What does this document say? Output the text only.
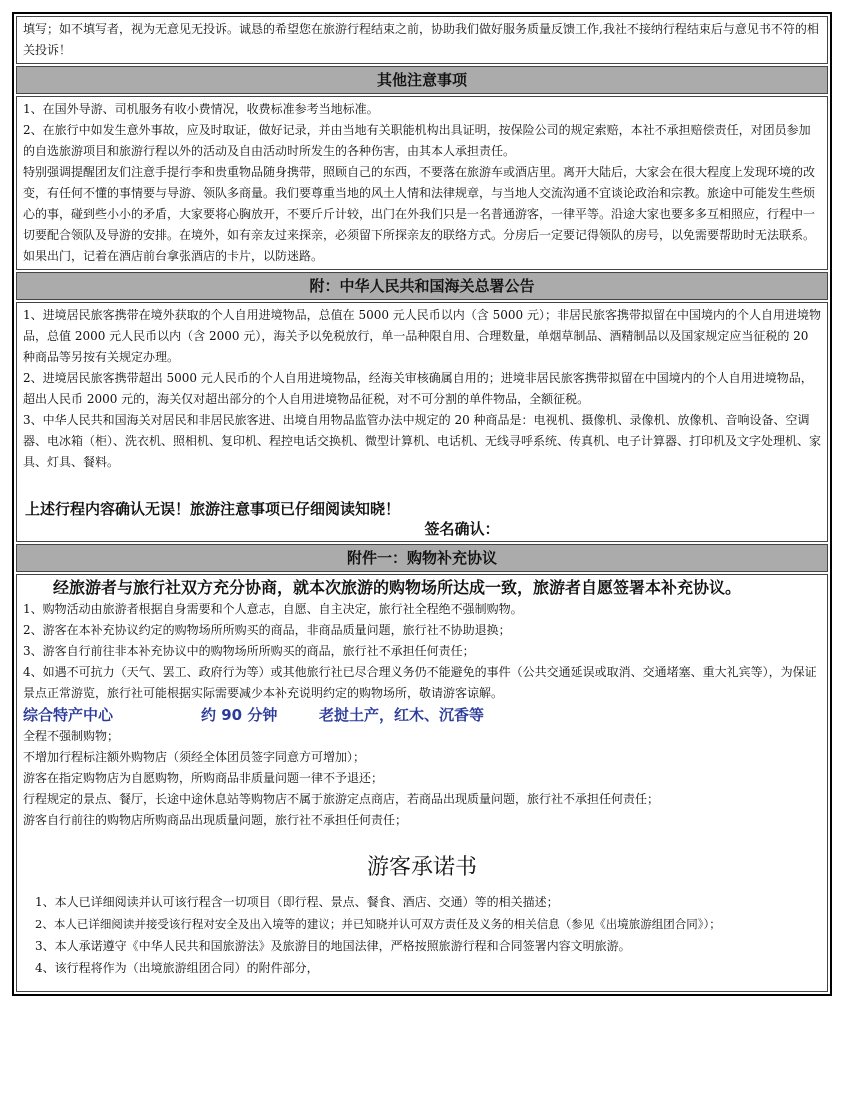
填写；如不填写者，视为无意见无投诉。诚恳的希望您在旅游行程结束之前，协助我们做好服务质量反馈工作,我社不接纳行程结束后与意见书不符的相关投诉！

其他注意事项

1、在国外导游、司机服务有收小费情况，收费标准参考当地标准。

2、在旅行中如发生意外事故，应及时取证，做好记录，并由当地有关职能机构出具证明，按保险公司的规定索赔，本社不承担赔偿责任，对团员参加的自选旅游项目和旅游行程以外的活动及自由活动时所发生的各种伤害，由其本人承担责任。

特别强调提醒团友们注意手提行李和贵重物品随身携带，照顾自己的东西，不要落在旅游车或酒店里。离开大陆后，大家会在很大程度上发现环境的改变，有任何不懂的事情要与导游、领队多商量。我们要尊重当地的风土人情和法律规章，与当地人交流沟通不宜谈论政治和宗教。旅途中可能发生些烦心的事，碰到些小小的矛盾，大家要将心胸放开，不要斤斤计较，出门在外我们只是一名普通游客，一律平等。沿途大家也要多多互相照应，行程中一切要配合领队及导游的安排。在境外，如有亲友过来探亲，必须留下所探亲友的联络方式。分房后一定要记得领队的房号，以免需要帮助时无法联系。如果出门，记着在酒店前台拿张酒店的卡片，以防迷路。

附：中华人民共和国海关总署公告

1、进境居民旅客携带在境外获取的个人自用进境物品，总值在 5000 元人民币以内（含 5000 元）；非居民旅客携带拟留在中国境内的个人自用进境物品，总值 2000 元人民币以内（含 2000 元），海关予以免税放行，单一品种限自用、合理数量，单烟草制品、酒精制品以及国家规定应当征税的 20 种商品等另按有关规定办理。

2、进境居民旅客携带超出 5000 元人民币的个人自用进境物品，经海关审核确属自用的；进境非居民旅客携带拟留在中国境内的个人自用进境物品，超出人民币 2000 元的，海关仅对超出部分的个人自用进境物品征税，对不可分割的单件物品，全额征税。

3、中华人民共和国海关对居民和非居民旅客进、出境自用物品监管办法中规定的 20 种商品是：电视机、摄像机、录像机、放像机、音响设备、空调器、电冰箱（柜）、洗衣机、照相机、复印机、程控电话交换机、微型计算机、电话机、无线寻呼系统、传真机、电子计算器、打印机及文字处理机、家具、灯具、餐料。

上述行程内容确认无误！旅游注意事项已仔细阅读知晓！
签名确认：
附件一：购物补充协议
经旅游者与旅行社双方充分协商，就本次旅游的购物场所达成一致，旅游者自愿签署本补充协议。

1、购物活动由旅游者根据自身需要和个人意志，自愿、自主决定，旅行社全程绝不强制购物。

2、游客在本补充协议约定的购物场所所购买的商品，非商品质量问题，旅行社不协助退换；

3、游客自行前往非本补充协议中的购物场所所购买的商品，旅行社不承担任何责任；

4、如遇不可抗力（天气、罢工、政府行为等）或其他旅行社已尽合理义务仍不能避免的事件（公共交通延误或取消、交通堵塞、重大礼宾等），为保证景点正常游览，旅行社可能根据实际需要减少本补充说明约定的购物场所，敬请游客谅解。

综合特产中心	约 90 分钟	老挝土产，红木、沉香等

全程不强制购物；

不增加行程标注额外购物店（须经全体团员签字同意方可增加）；

游客在指定购物店为自愿购物，所购商品非质量问题一律不予退还；

行程规定的景点、餐厅，长途中途休息站等购物店不属于旅游定点商店，若商品出现质量问题，旅行社不承担任何责任；

游客自行前往的购物店所购商品出现质量问题，旅行社不承担任何责任；

游客承诺书

1、本人已详细阅读并认可该行程含一切项目（即行程、景点、餐食、酒店、交通）等的相关描述；

2、本人已详细阅读并接受该行程对安全及出入境等的建议；并已知晓并认可双方责任及义务的相关信息（参见《出境旅游组团合同》）；

3、本人承诺遵守《中华人民共和国旅游法》及旅游目的地国法律，严格按照旅游行程和合同签署内容文明旅游。

4、该行程将作为（出境旅游组团合同）的附件部分，
